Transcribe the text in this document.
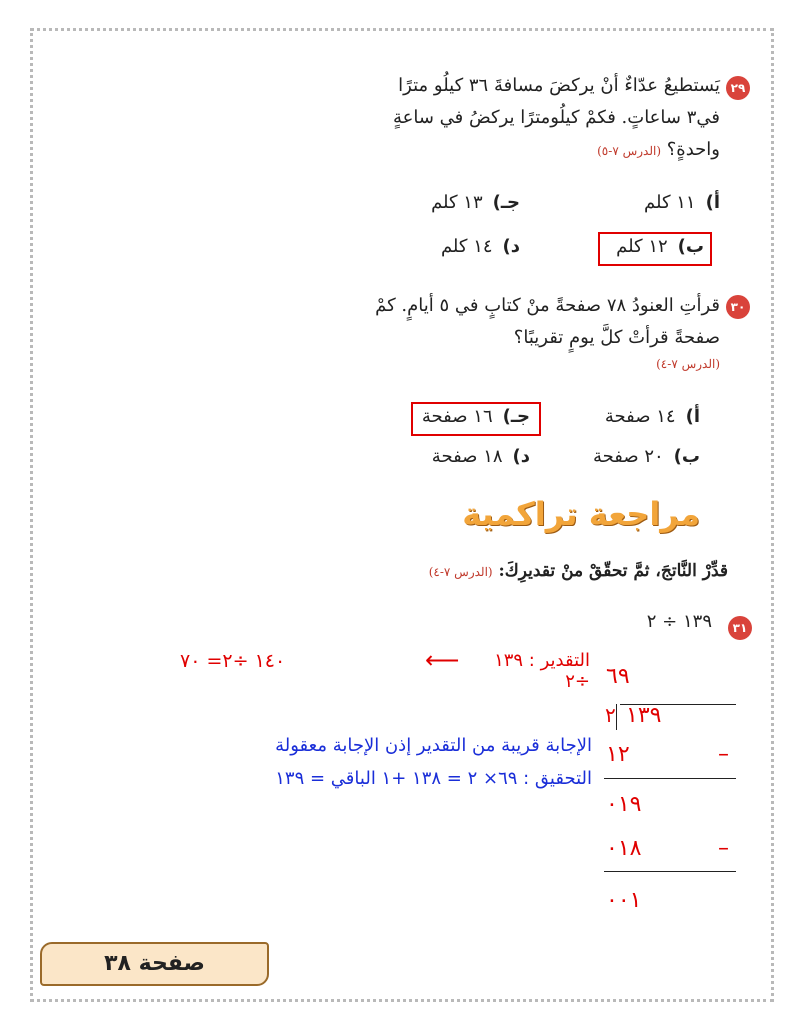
٢٩
يَستطيعُ عدّاءٌ أنْ يركضَ مسافةَ ٣٦ كيلُو مترًا
في٣ ساعاتٍ. فكمْ كيلُومترًا يركضُ في ساعةٍ
واحدةٍ؟ (الدرس ٧-٥)
أ)١١ كلم
جـ)١٣ كلم
ب)١٢ كلم
د)١٤ كلم
٣٠
قرأتِ العنودُ ٧٨ صفحةً منْ كتابٍ في ٥ أيامٍ. كمْ
صفحةً قرأتْ كلَّ يومٍ تقريبًا؟
(الدرس ٧-٤)
أ)١٤ صفحة
جـ)١٦ صفحة
ب)٢٠ صفحة
د)١٨ صفحة
مراجعة تراكمية
قدِّرْ النَّاتجَ، ثمَّ تحقّقْ منْ تقديرِكَ: (الدرس ٧-٤)
٣١
١٣٩ ÷ ٢
١٤٠ ÷٢= ٧٠	⟵	التقدير : ١٣٩ ÷٢
الإجابة قريبة من التقدير إذن الإجابة معقولة
التحقيق : ٦٩× ٢ = ١٣٨ +١ الباقي = ١٣٩
٦٩
٢ ١٣٩
١٢	–
٠١٩
٠١٨	–
٠٠١
صفحة ٣٨
